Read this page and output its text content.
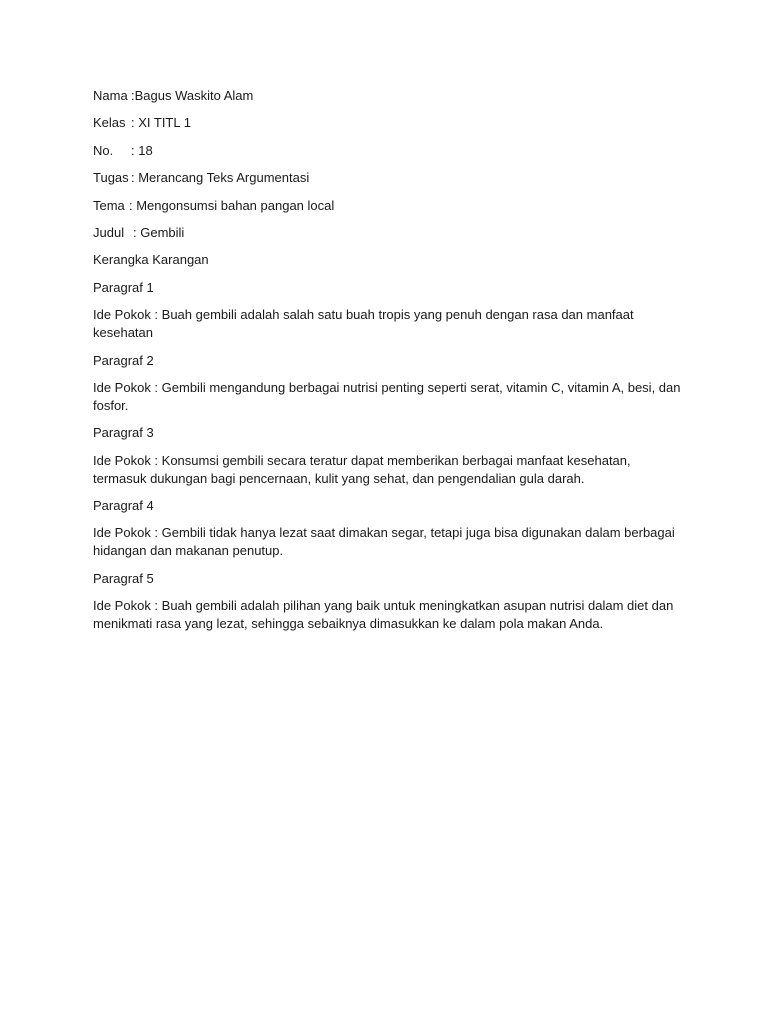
Nama :Bagus Waskito Alam
Kelas : XI TITL 1
No. : 18
Tugas : Merancang Teks Argumentasi
Tema : Mengonsumsi bahan pangan local
Judul : Gembili
Kerangka Karangan
Paragraf 1
Ide Pokok : Buah gembili adalah salah satu buah tropis yang penuh dengan rasa dan manfaat kesehatan
Paragraf 2
Ide Pokok : Gembili mengandung berbagai nutrisi penting seperti serat, vitamin C, vitamin A, besi, dan fosfor.
Paragraf 3
Ide Pokok : Konsumsi gembili secara teratur dapat memberikan berbagai manfaat kesehatan, termasuk dukungan bagi pencernaan, kulit yang sehat, dan pengendalian gula darah.
Paragraf 4
Ide Pokok : Gembili tidak hanya lezat saat dimakan segar, tetapi juga bisa digunakan dalam berbagai hidangan dan makanan penutup.
Paragraf 5
Ide Pokok : Buah gembili adalah pilihan yang baik untuk meningkatkan asupan nutrisi dalam diet dan menikmati rasa yang lezat, sehingga sebaiknya dimasukkan ke dalam pola makan Anda.
